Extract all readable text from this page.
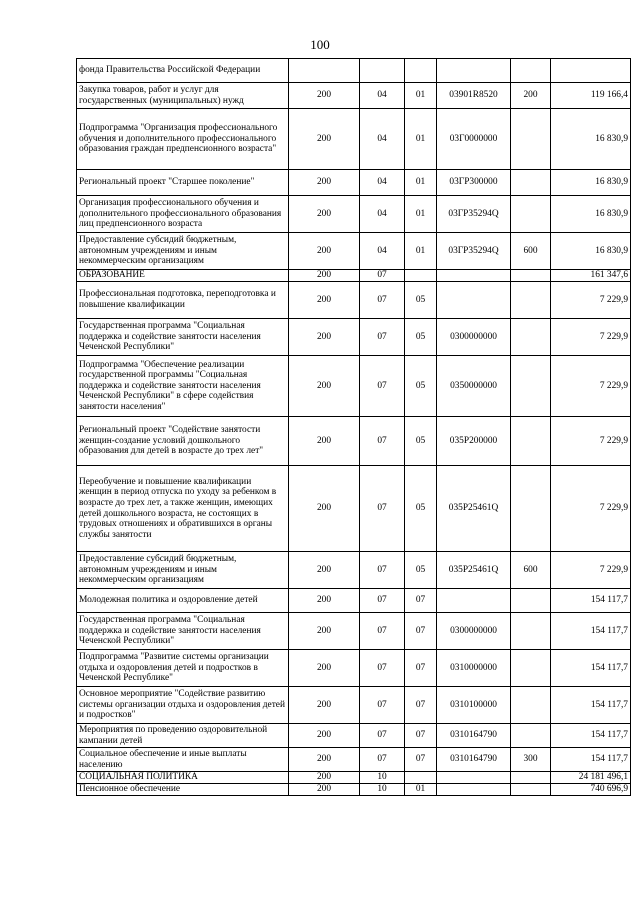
100
фонда Правительства Российской Федерации						
Закупка товаров, работ и услуг для государственных (муниципальных) нужд	200	04	01	03901R8520	200	119 166,4
Подпрограмма "Организация профессионального обучения и дополнительного профессионального образования граждан предпенсионного возраста"	200	04	01	03Г0000000		16 830,9
Региональный проект "Старшее поколение"	200	04	01	03ГР300000		16 830,9
Организация профессионального обучения и дополнительного профессионального образования лиц предпенсионного возраста	200	04	01	03ГР35294Q		16 830,9
Предоставление субсидий бюджетным, автономным учреждениям и иным некоммерческим организациям	200	04	01	03ГР35294Q	600	16 830,9
ОБРАЗОВАНИЕ	200	07				161 347,6
Профессиональная подготовка, переподготовка и повышение квалификации	200	07	05			7 229,9
Государственная программа "Социальная поддержка и содействие занятости населения Чеченской Республики"	200	07	05	0300000000		7 229,9
Подпрограмма "Обеспечение реализации государственной программы "Социальная поддержка и содействие занятости населения Чеченской Республики" в сфере содействия занятости населения"	200	07	05	0350000000		7 229,9
Региональный проект "Содействие занятости женщин-создание условий дошкольного образования для детей в возрасте до трех лет"	200	07	05	035Р200000		7 229,9
Переобучение и повышение квалификации женщин в период отпуска по уходу за ребенком в возрасте до трех лет, а также женщин, имеющих детей дошкольного возраста, не состоящих в трудовых отношениях и обратившихся в органы службы занятости	200	07	05	035Р25461Q		7 229,9
Предоставление субсидий бюджетным, автономным учреждениям и иным некоммерческим организациям	200	07	05	035Р25461Q	600	7 229,9
Молодежная политика и оздоровление детей	200	07	07			154 117,7
Государственная программа "Социальная поддержка и содействие занятости населения Чеченской Республики"	200	07	07	0300000000		154 117,7
Подпрограмма "Развитие системы организации отдыха и оздоровления детей и подростков в Чеченской Республике"	200	07	07	0310000000		154 117,7
Основное мероприятие "Содействие развитию системы организации отдыха и оздоровления детей и подростков"	200	07	07	0310100000		154 117,7
Мероприятия по проведению оздоровительной кампании детей	200	07	07	0310164790		154 117,7
Социальное обеспечение и иные выплаты населению	200	07	07	0310164790	300	154 117,7
СОЦИАЛЬНАЯ ПОЛИТИКА	200	10				24 181 496,1
Пенсионное обеспечение	200	10	01			740 696,9
